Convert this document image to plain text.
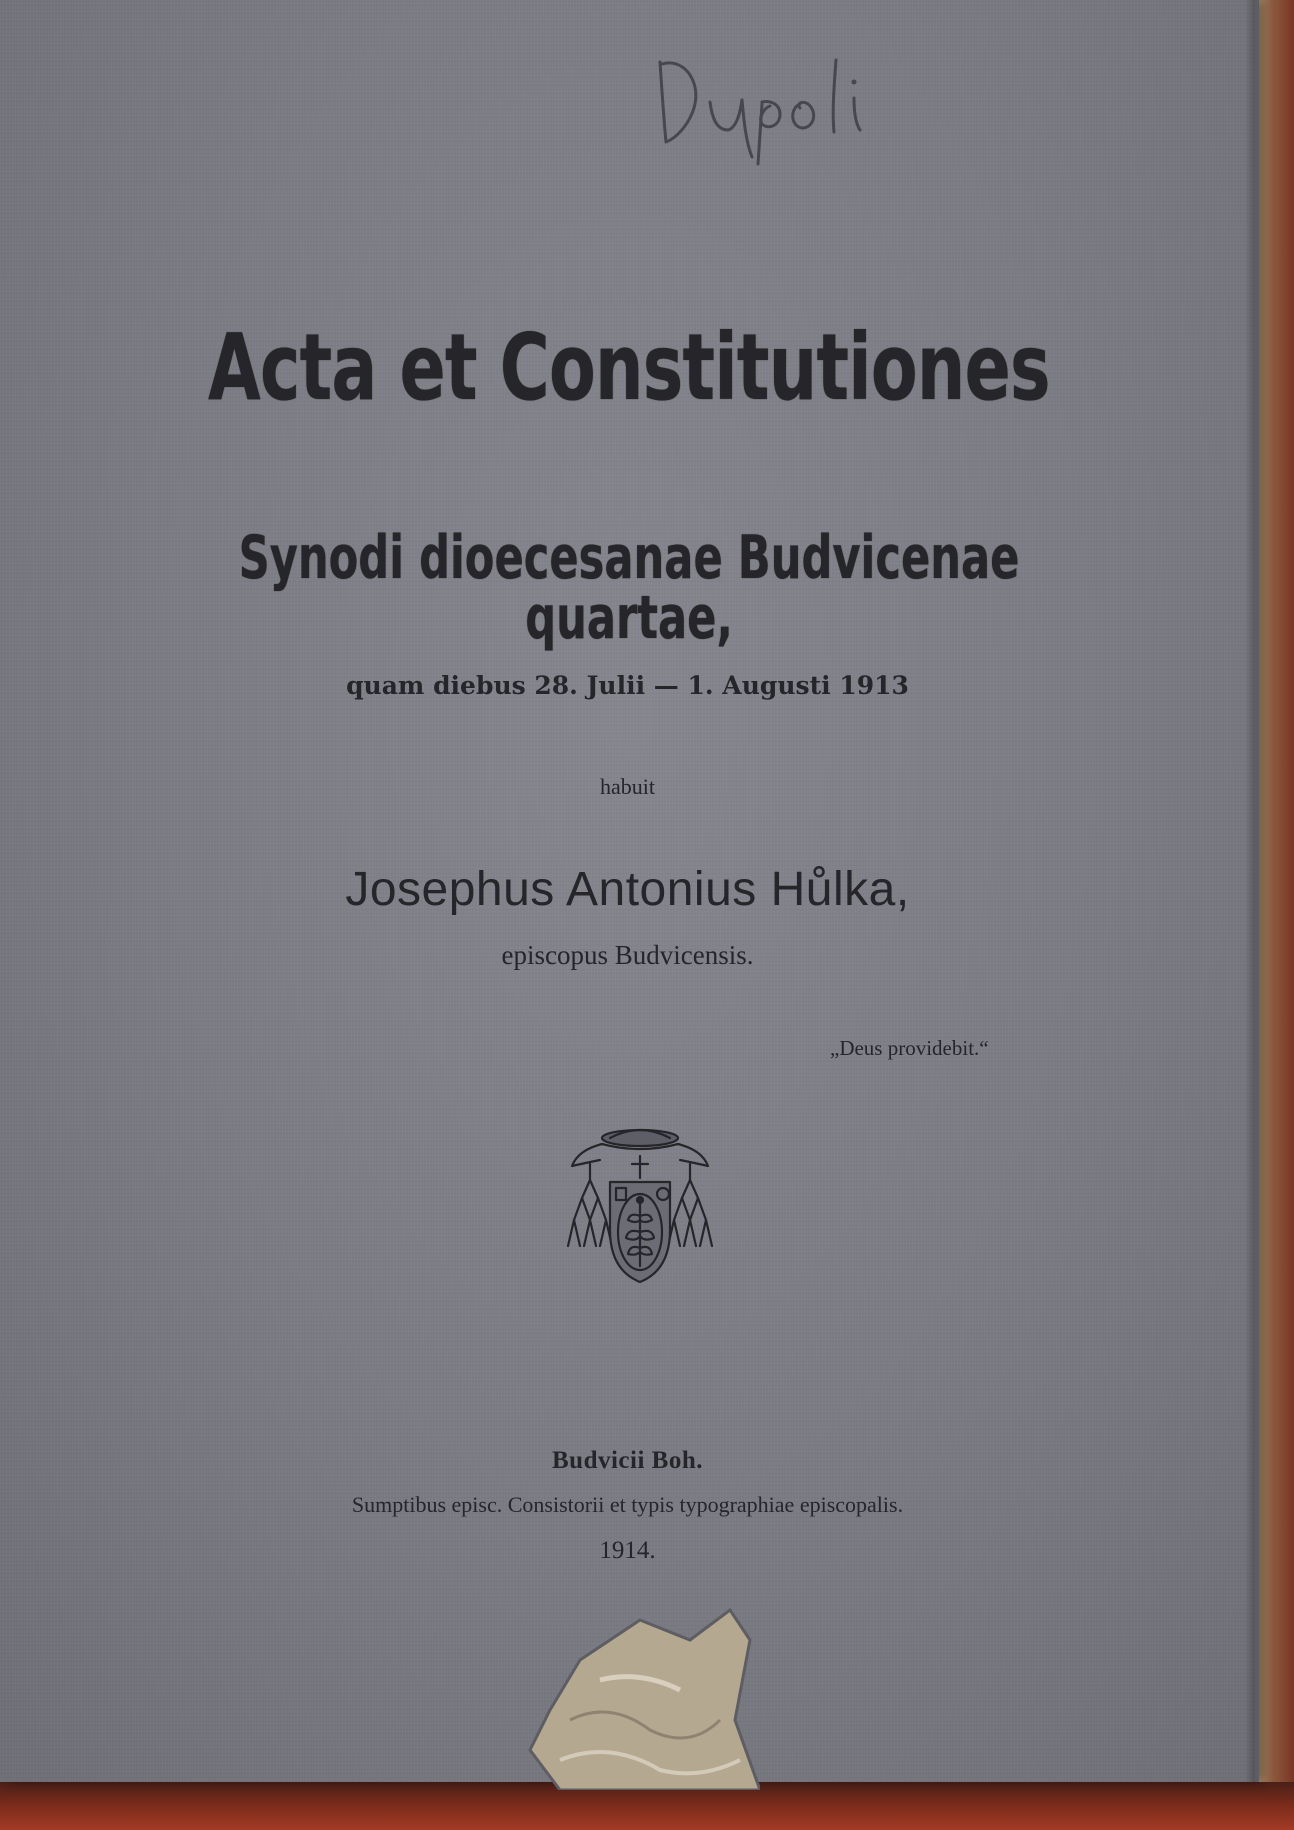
Acta et Constitutiones
Synodi dioecesanae Budvicenae quartae,
quam diebus 28. Julii — 1. Augusti 1913
habuit
Josephus Antonius Hůlka,
episcopus Budvicensis.
„Deus providebit.“
Budvicii Boh.
Sumptibus episc. Consistorii et typis typographiae episcopalis.
1914.
